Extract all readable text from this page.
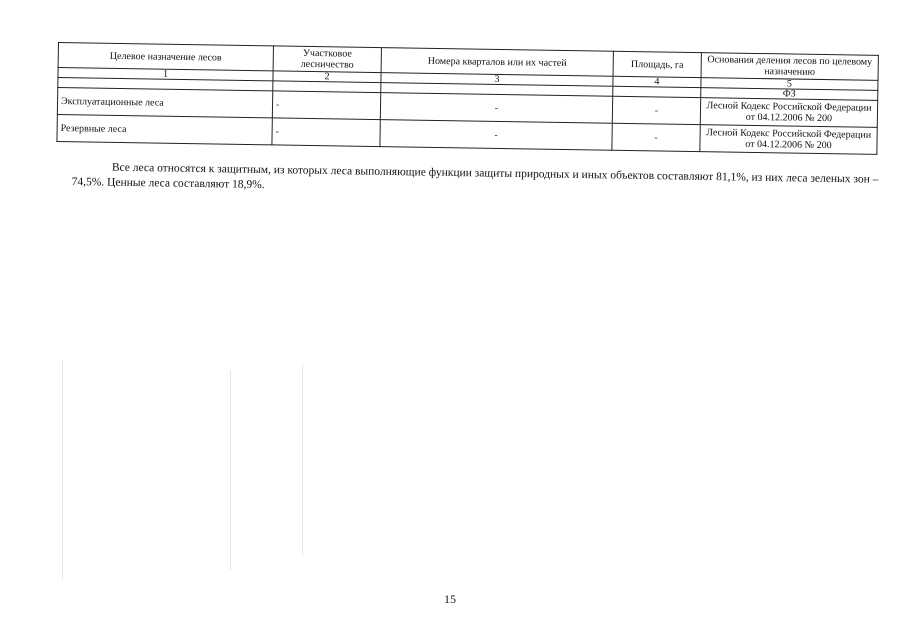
Целевое назначение лесов	Участковое лесничество	Номера кварталов или их частей	Площадь, га	Основания деления лесов по целевому назначению
1	2	3	4	5
				ФЗ
Эксплуатационные леса	-	-	-	Лесной Кодекс Российской Федерации от 04.12.2006 № 200
Резервные леса	-	-	-	Лесной Кодекс Российской Федерации от 04.12.2006 № 200
Все леса относятся к защитным, из которых леса выполняющие функции защиты природных и иных объектов составляют 81,1%, из них леса зеленых зон – 74,5%. Ценные леса составляют 18,9%.
15
